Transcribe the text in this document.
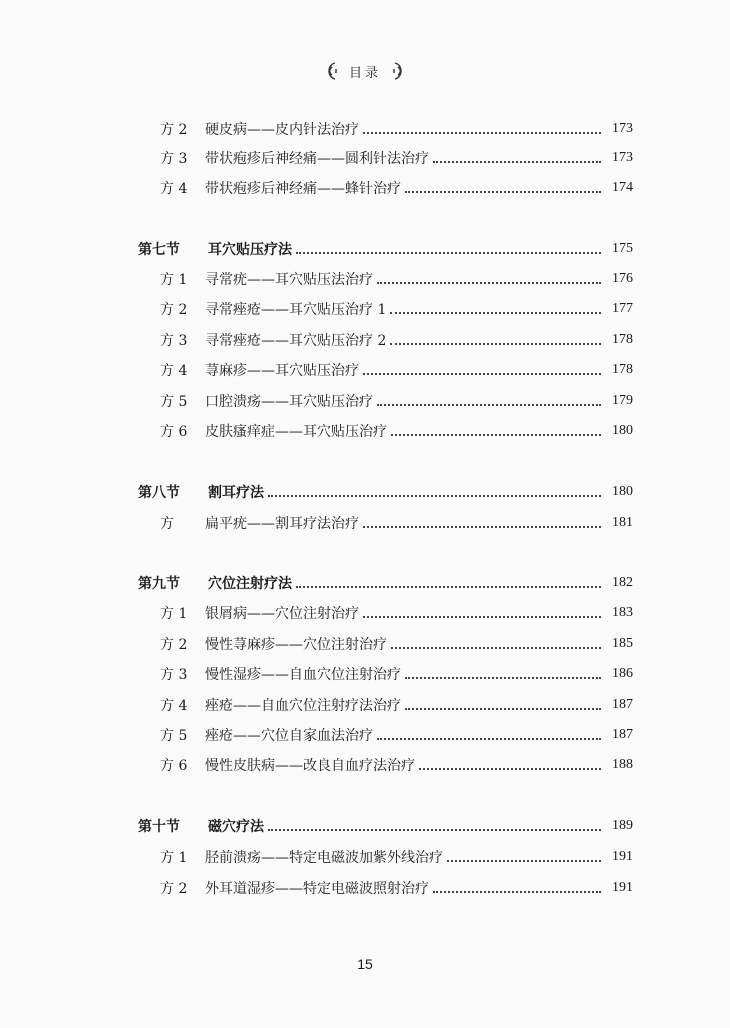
目录
方 2	硬皮病——皮内针法治疗	173
方 3	带状疱疹后神经痛——圆利针法治疗	173
方 4	带状疱疹后神经痛——蜂针治疗	174
第七节 耳穴贴压疗法	175
方 1	寻常疣——耳穴贴压法治疗	176
方 2	寻常痤疮——耳穴贴压治疗 1	177
方 3	寻常痤疮——耳穴贴压治疗 2	178
方 4	荨麻疹——耳穴贴压治疗	178
方 5	口腔溃疡——耳穴贴压治疗	179
方 6	皮肤瘙痒症——耳穴贴压治疗	180
第八节 割耳疗法	180
方	扁平疣——割耳疗法治疗	181
第九节 穴位注射疗法	182
方 1	银屑病——穴位注射治疗	183
方 2	慢性荨麻疹——穴位注射治疗	185
方 3	慢性湿疹——自血穴位注射治疗	186
方 4	痤疮——自血穴位注射疗法治疗	187
方 5	痤疮——穴位自家血法治疗	187
方 6	慢性皮肤病——改良自血疗法治疗	188
第十节 磁穴疗法	189
方 1	胫前溃疡——特定电磁波加紫外线治疗	191
方 2	外耳道湿疹——特定电磁波照射治疗	191
15
